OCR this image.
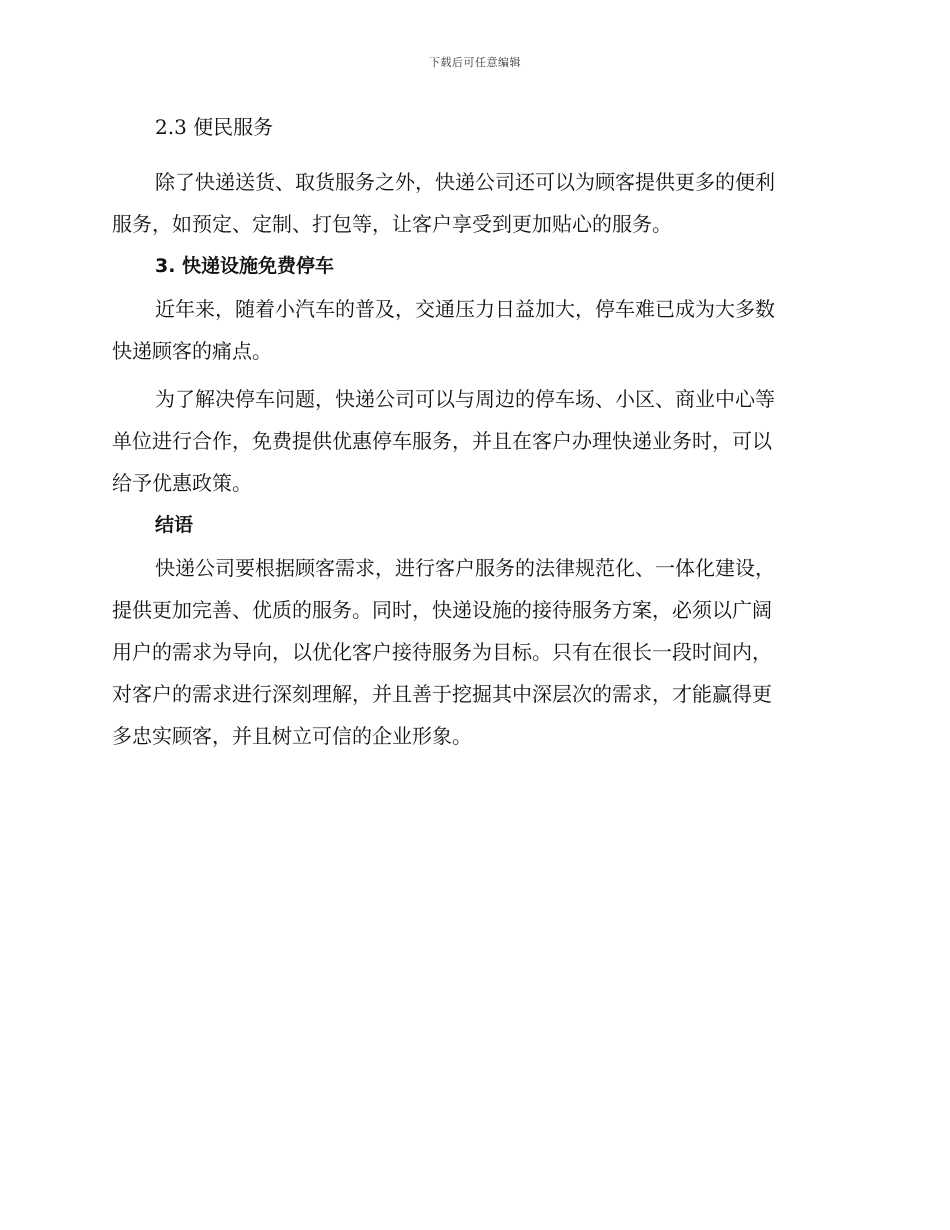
下载后可任意编辑
2.3 便民服务
除了快递送货、取货服务之外，快递公司还可以为顾客提供更多的便利
服务，如预定、定制、打包等，让客户享受到更加贴心的服务。
3. 快递设施免费停车
近年来，随着小汽车的普及，交通压力日益加大，停车难已成为大多数
快递顾客的痛点。
为了解决停车问题，快递公司可以与周边的停车场、小区、商业中心等
单位进行合作，免费提供优惠停车服务，并且在客户办理快递业务时，可以
给予优惠政策。
结语
快递公司要根据顾客需求，进行客户服务的法律规范化、一体化建设，
提供更加完善、优质的服务。同时，快递设施的接待服务方案，必须以广阔
用户的需求为导向，以优化客户接待服务为目标。只有在很长一段时间内，
对客户的需求进行深刻理解，并且善于挖掘其中深层次的需求，才能赢得更
多忠实顾客，并且树立可信的企业形象。
